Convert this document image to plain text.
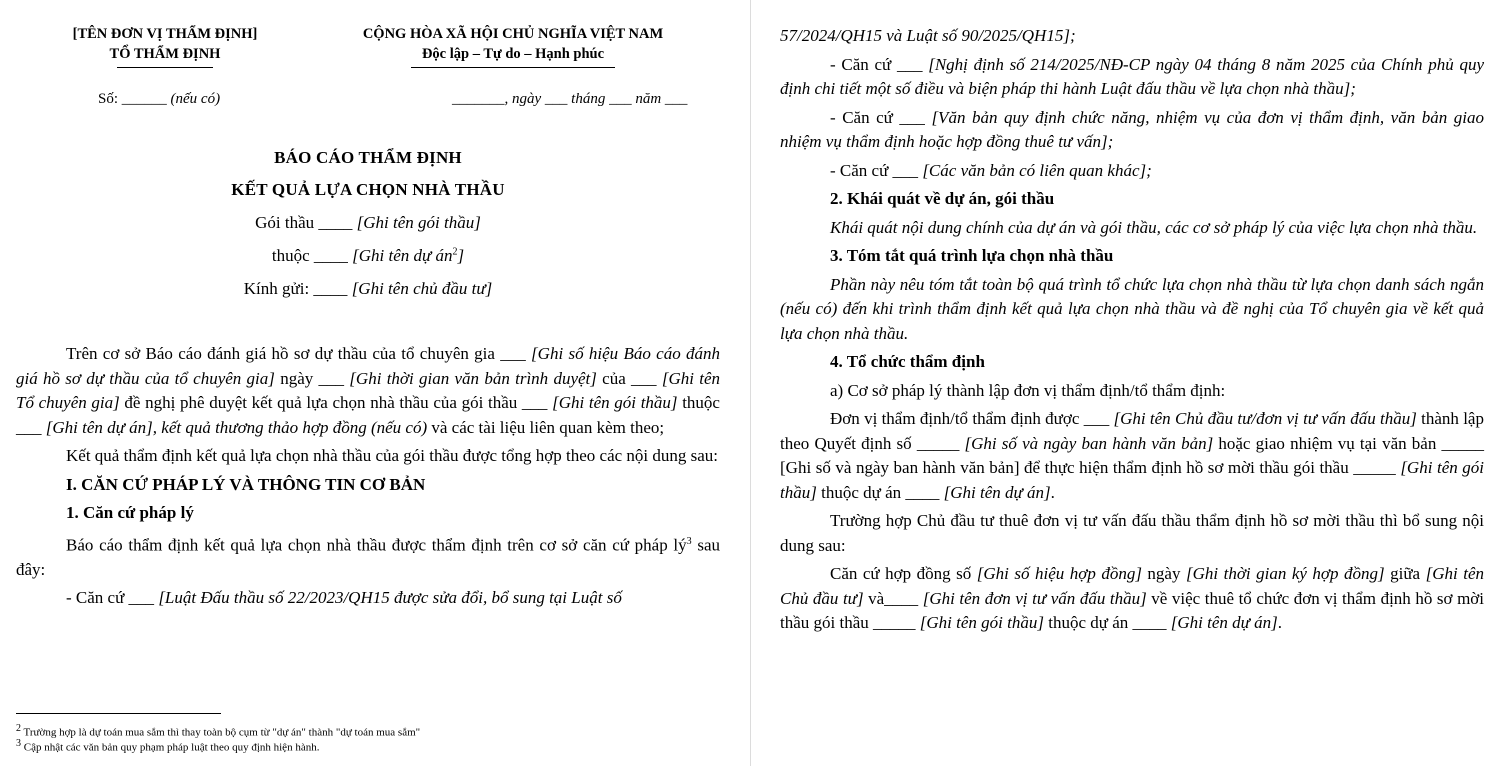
[TÊN ĐƠN VỊ THẨM ĐỊNH]
TỔ THẨM ĐỊNH
CỘNG HÒA XÃ HỘI CHỦ NGHĨA VIỆT NAM
Độc lập – Tự do – Hạnh phúc
Số: ______ (nếu có)	_______, ngày ___ tháng ___ năm ___
BÁO CÁO THẨM ĐỊNH
KẾT QUẢ LỰA CHỌN NHÀ THẦU
Gói thầu ____ [Ghi tên gói thầu]
thuộc ____ [Ghi tên dự $án^2$]
Kính gửi: ____ [Ghi tên chủ đầu tư]

Trên cơ sở Báo cáo đánh giá hồ sơ dự thầu của tổ chuyên gia ___ [Ghi số hiệu Báo cáo đánh giá hồ sơ dự thầu của tổ chuyên gia] ngày ___ [Ghi thời gian văn bản trình duyệt] của ___ [Ghi tên Tổ chuyên gia] đề nghị phê duyệt kết quả lựa chọn nhà thầu của gói thầu ___ [Ghi tên gói thầu] thuộc ___ [Ghi tên dự án], kết quả thương thảo hợp đồng (nếu có) và các tài liệu liên quan kèm theo;

Kết quả thẩm định kết quả lựa chọn nhà thầu của gói thầu được tổng hợp theo các nội dung sau:

I. CĂN CỨ PHÁP LÝ VÀ THÔNG TIN CƠ BẢN
1. Căn cứ pháp lý

Báo cáo thẩm định kết quả lựa chọn nhà thầu được thẩm định trên cơ sở căn cứ pháp $lý^3$ sau đây:

- Căn cứ ___ [Luật Đấu thầu số 22/2023/QH15 được sửa đổi, bổ sung tại Luật số

$^2$ Trường hợp là dự toán mua sắm thì thay toàn bộ cụm từ "dự án" thành "dự toán mua sắm"
$^3$ Cập nhật các văn bản quy phạm pháp luật theo quy định hiện hành.

57/2024/QH15 và Luật số 90/2025/QH15];

- Căn cứ ___ [Nghị định số 214/2025/NĐ-CP ngày 04 tháng 8 năm 2025 của Chính phủ quy định chi tiết một số điều và biện pháp thi hành Luật đấu thầu về lựa chọn nhà thầu];

- Căn cứ ___ [Văn bản quy định chức năng, nhiệm vụ của đơn vị thẩm định, văn bản giao nhiệm vụ thẩm định hoặc hợp đồng thuê tư vấn];

- Căn cứ ___ [Các văn bản có liên quan khác];

2. Khái quát về dự án, gói thầu

Khái quát nội dung chính của dự án và gói thầu, các cơ sở pháp lý của việc lựa chọn nhà thầu.

3. Tóm tắt quá trình lựa chọn nhà thầu

Phần này nêu tóm tắt toàn bộ quá trình tổ chức lựa chọn nhà thầu từ lựa chọn danh sách ngắn (nếu có) đến khi trình thẩm định kết quả lựa chọn nhà thầu và đề nghị của Tổ chuyên gia về kết quả lựa chọn nhà thầu.

4. Tổ chức thẩm định

a) Cơ sở pháp lý thành lập đơn vị thẩm định/tổ thẩm định:

Đơn vị thẩm định/tổ thẩm định được ___ [Ghi tên Chủ đầu tư/đơn vị tư vấn đấu thầu] thành lập theo Quyết định số _____ [Ghi số và ngày ban hành văn bản] hoặc giao nhiệm vụ tại văn bản _____ [Ghi số và ngày ban hành văn bản] để thực hiện thẩm định hồ sơ mời thầu gói thầu _____ [Ghi tên gói thầu] thuộc dự án ____ [Ghi tên dự án].

Trường hợp Chủ đầu tư thuê đơn vị tư vấn đấu thầu thẩm định hồ sơ mời thầu thì bổ sung nội dung sau:

Căn cứ hợp đồng số [Ghi số hiệu hợp đồng] ngày [Ghi thời gian ký hợp đồng] giữa [Ghi tên Chủ đầu tư] và____ [Ghi tên đơn vị tư vấn đấu thầu] về việc thuê tổ chức đơn vị thẩm định hồ sơ mời thầu gói thầu _____ [Ghi tên gói thầu] thuộc dự án ____ [Ghi tên dự án].
